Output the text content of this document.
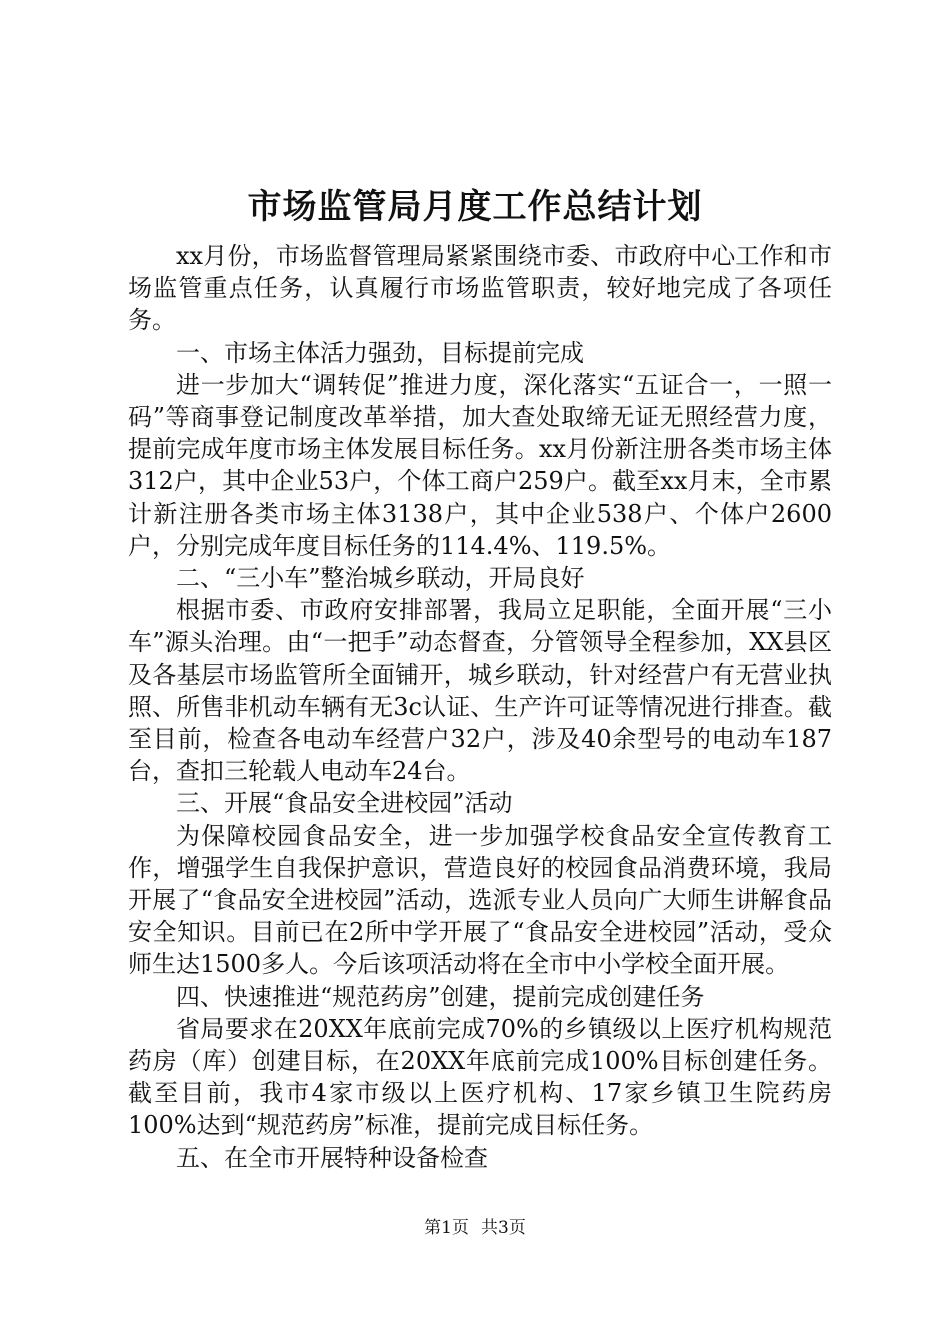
市场监管局月度工作总结计划

xx月份，市场监督管理局紧紧围绕市委、市政府中心工作和市场监管重点任务，认真履行市场监管职责，较好地完成了各项任务。

一、市场主体活力强劲，目标提前完成

进一步加大“调转促”推进力度，深化落实“五证合一，一照一码”等商事登记制度改革举措，加大查处取缔无证无照经营力度，提前完成年度市场主体发展目标任务。xx月份新注册各类市场主体312户，其中企业53户，个体工商户259户。截至xx月末，全市累计新注册各类市场主体3138户，其中企业538户、个体户2600户，分别完成年度目标任务的114.4%、119.5%。

二、“三小车”整治城乡联动，开局良好

根据市委、市政府安排部署，我局立足职能，全面开展“三小车”源头治理。由“一把手”动态督查，分管领导全程参加，XX县区及各基层市场监管所全面铺开，城乡联动，针对经营户有无营业执照、所售非机动车辆有无3c认证、生产许可证等情况进行排查。截至目前，检查各电动车经营户32户，涉及40余型号的电动车187台，查扣三轮载人电动车24台。

三、开展“食品安全进校园”活动

为保障校园食品安全，进一步加强学校食品安全宣传教育工作，增强学生自我保护意识，营造良好的校园食品消费环境，我局开展了“食品安全进校园”活动，选派专业人员向广大师生讲解食品安全知识。目前已在2所中学开展了“食品安全进校园”活动，受众师生达1500多人。今后该项活动将在全市中小学校全面开展。

四、快速推进“规范药房”创建，提前完成创建任务

省局要求在20XX年底前完成70%的乡镇级以上医疗机构规范药房（库）创建目标，在20XX年底前完成100%目标创建任务。截至目前，我市4家市级以上医疗机构、17家乡镇卫生院药房100%达到“规范药房”标准，提前完成目标任务。

五、在全市开展特种设备检查

第1页 共3页
